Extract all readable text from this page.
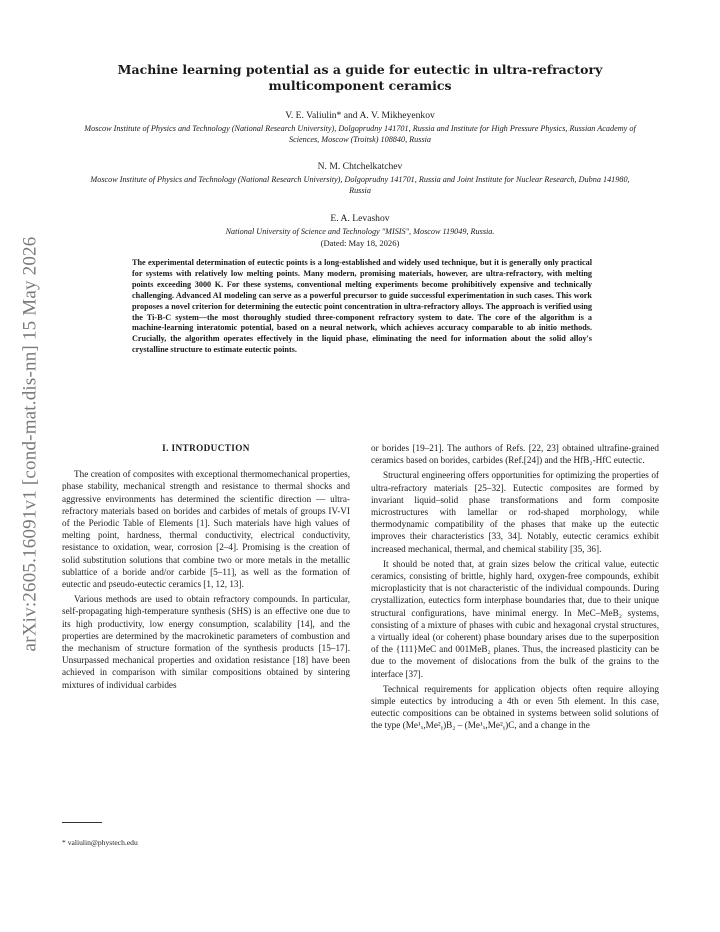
arXiv:2605.16091v1 [cond-mat.dis-nn] 15 May 2026
Machine learning potential as a guide for eutectic in ultra-refractory multicomponent ceramics
V. E. Valiulin* and A. V. Mikheyenkov
Moscow Institute of Physics and Technology (National Research University), Dolgoprudny 141701, Russia and Institute for High Pressure Physics, Russian Academy of Sciences, Moscow (Troitsk) 108840, Russia
N. M. Chtchelkatchev
Moscow Institute of Physics and Technology (National Research University), Dolgoprudny 141701, Russia and Joint Institute for Nuclear Research, Dubna 141980, Russia
E. A. Levashov
National University of Science and Technology "MISIS", Moscow 119049, Russia.
(Dated: May 18, 2026)
The experimental determination of eutectic points is a long-established and widely used technique, but it is generally only practical for systems with relatively low melting points. Many modern, promising materials, however, are ultra-refractory, with melting points exceeding 3000 K. For these systems, conventional melting experiments become prohibitively expensive and technically challenging. Advanced AI modeling can serve as a powerful precursor to guide successful experimentation in such cases. This work proposes a novel criterion for determining the eutectic point concentration in ultra-refractory alloys. The approach is verified using the Ti-B-C system—the most thoroughly studied three-component refractory system to date. The core of the algorithm is a machine-learning interatomic potential, based on a neural network, which achieves accuracy comparable to ab initio methods. Crucially, the algorithm operates effectively in the liquid phase, eliminating the need for information about the solid alloy's crystalline structure to estimate eutectic points.
I. INTRODUCTION

The creation of composites with exceptional thermomechanical properties, phase stability, mechanical strength and resistance to thermal shocks and aggressive environments has determined the scientific direction — ultra-refractory materials based on borides and carbides of metals of groups IV-VI of the Periodic Table of Elements [1]. Such materials have high values of melting point, hardness, thermal conductivity, electrical conductivity, resistance to oxidation, wear, corrosion [2–4]. Promising is the creation of solid substitution solutions that combine two or more metals in the metallic sublattice of a boride and/or carbide [5–11], as well as the formation of eutectic and pseudo-eutectic ceramics [1, 12, 13].

Various methods are used to obtain refractory compounds. In particular, self-propagating high-temperature synthesis (SHS) is an effective one due to its high productivity, low energy consumption, scalability [14], and the properties are determined by the macrokinetic parameters of combustion and the mechanism of structure formation of the synthesis products [15–17]. Unsurpassed mechanical properties and oxidation resistance [18] have been achieved in comparison with similar compositions obtained by sintering mixtures of individual carbides

or borides [19–21]. The authors of Refs. [22, 23] obtained ultrafine-grained ceramics based on borides, carbides (Ref.[24]) and the HfB₂-HfC eutectic.

Structural engineering offers opportunities for optimizing the properties of ultra-refractory materials [25–32]. Eutectic composites are formed by invariant liquid–solid phase transformations and form composite microstructures with lamellar or rod-shaped morphology, while thermodynamic compatibility of the phases that make up the eutectic improves their characteristics [33, 34]. Notably, eutectic ceramics exhibit increased mechanical, thermal, and chemical stability [35, 36].

It should be noted that, at grain sizes below the critical value, eutectic ceramics, consisting of brittle, highly hard, oxygen-free compounds, exhibit microplasticity that is not characteristic of the individual compounds. During crystallization, eutectics form interphase boundaries that, due to their unique structural configurations, have minimal energy. In MeC–MeB₂ systems, consisting of a mixture of phases with cubic and hexagonal crystal structures, a virtually ideal (or coherent) phase boundary arises due to the superposition of the {111}MeC and 001MeB₂ planes. Thus, the increased plasticity can be due to the movement of dislocations from the bulk of the grains to the interface [37].

Technical requirements for application objects often require alloying simple eutectics by introducing a 4th or even 5th element. In this case, eutectic compositions can be obtained in systems between solid solutions of the type (Me¹ₓ,Me²ᵧ)B₂ – (Me¹ₓ,Me²ᵧ)C, and a change in the

* valiulin@phystech.edu
